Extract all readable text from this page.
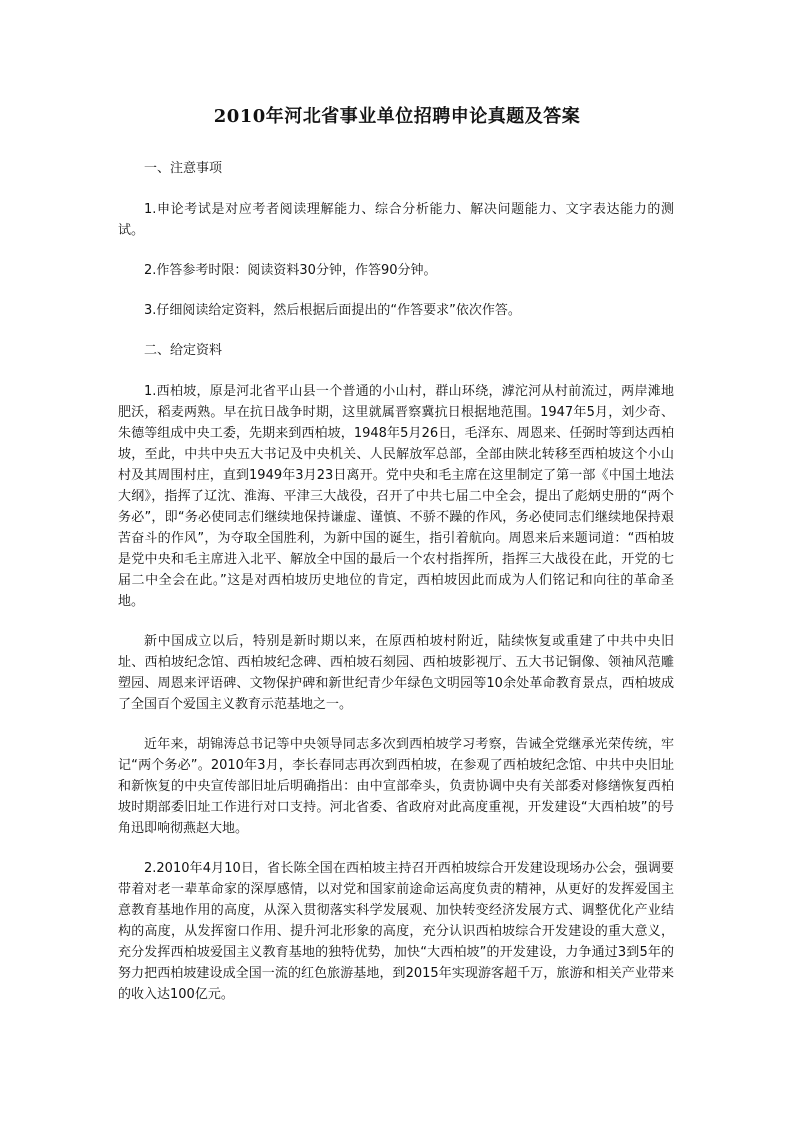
2010年河北省事业单位招聘申论真题及答案

一、注意事项

1.申论考试是对应考者阅读理解能力、综合分析能力、解决问题能力、文字表达能力的测试。

2.作答参考时限：阅读资料30分钟，作答90分钟。

3.仔细阅读给定资料，然后根据后面提出的“作答要求”依次作答。

二、给定资料

1.西柏坡，原是河北省平山县一个普通的小山村，群山环绕，滹沱河从村前流过，两岸滩地肥沃，稻麦两熟。早在抗日战争时期，这里就属晋察冀抗日根据地范围。1947年5月，刘少奇、朱德等组成中央工委，先期来到西柏坡，1948年5月26日，毛泽东、周恩来、任弼时等到达西柏坡，至此，中共中央五大书记及中央机关、人民解放军总部，全部由陕北转移至西柏坡这个小山村及其周围村庄，直到1949年3月23日离开。党中央和毛主席在这里制定了第一部《中国土地法大纲》，指挥了辽沈、淮海、平津三大战役，召开了中共七届二中全会，提出了彪炳史册的“两个务必”，即“务必使同志们继续地保持谦虚、谨慎、不骄不躁的作风，务必使同志们继续地保持艰苦奋斗的作风”，为夺取全国胜利，为新中国的诞生，指引着航向。周恩来后来题词道：“西柏坡是党中央和毛主席进入北平、解放全中国的最后一个农村指挥所，指挥三大战役在此，开党的七届二中全会在此。”这是对西柏坡历史地位的肯定，西柏坡因此而成为人们铭记和向往的革命圣地。

新中国成立以后，特别是新时期以来，在原西柏坡村附近，陆续恢复或重建了中共中央旧址、西柏坡纪念馆、西柏坡纪念碑、西柏坡石刻园、西柏坡影视厅、五大书记铜像、领袖风范雕塑园、周恩来评语碑、文物保护碑和新世纪青少年绿色文明园等10余处革命教育景点，西柏坡成了全国百个爱国主义教育示范基地之一。

近年来，胡锦涛总书记等中央领导同志多次到西柏坡学习考察，告诫全党继承光荣传统，牢记“两个务必”。2010年3月，李长春同志再次到西柏坡，在参观了西柏坡纪念馆、中共中央旧址和新恢复的中央宣传部旧址后明确指出：由中宣部牵头，负责协调中央有关部委对修缮恢复西柏坡时期部委旧址工作进行对口支持。河北省委、省政府对此高度重视，开发建设“大西柏坡”的号角迅即响彻燕赵大地。

2.2010年4月10日，省长陈全国在西柏坡主持召开西柏坡综合开发建设现场办公会，强调要带着对老一辈革命家的深厚感情，以对党和国家前途命运高度负责的精神，从更好的发挥爱国主意教育基地作用的高度，从深入贯彻落实科学发展观、加快转变经济发展方式、调整优化产业结构的高度，从发挥窗口作用、提升河北形象的高度，充分认识西柏坡综合开发建设的重大意义，充分发挥西柏坡爱国主义教育基地的独特优势，加快“大西柏坡”的开发建设，力争通过3到5年的努力把西柏坡建设成全国一流的红色旅游基地，到2015年实现游客超千万，旅游和相关产业带来的收入达100亿元。
